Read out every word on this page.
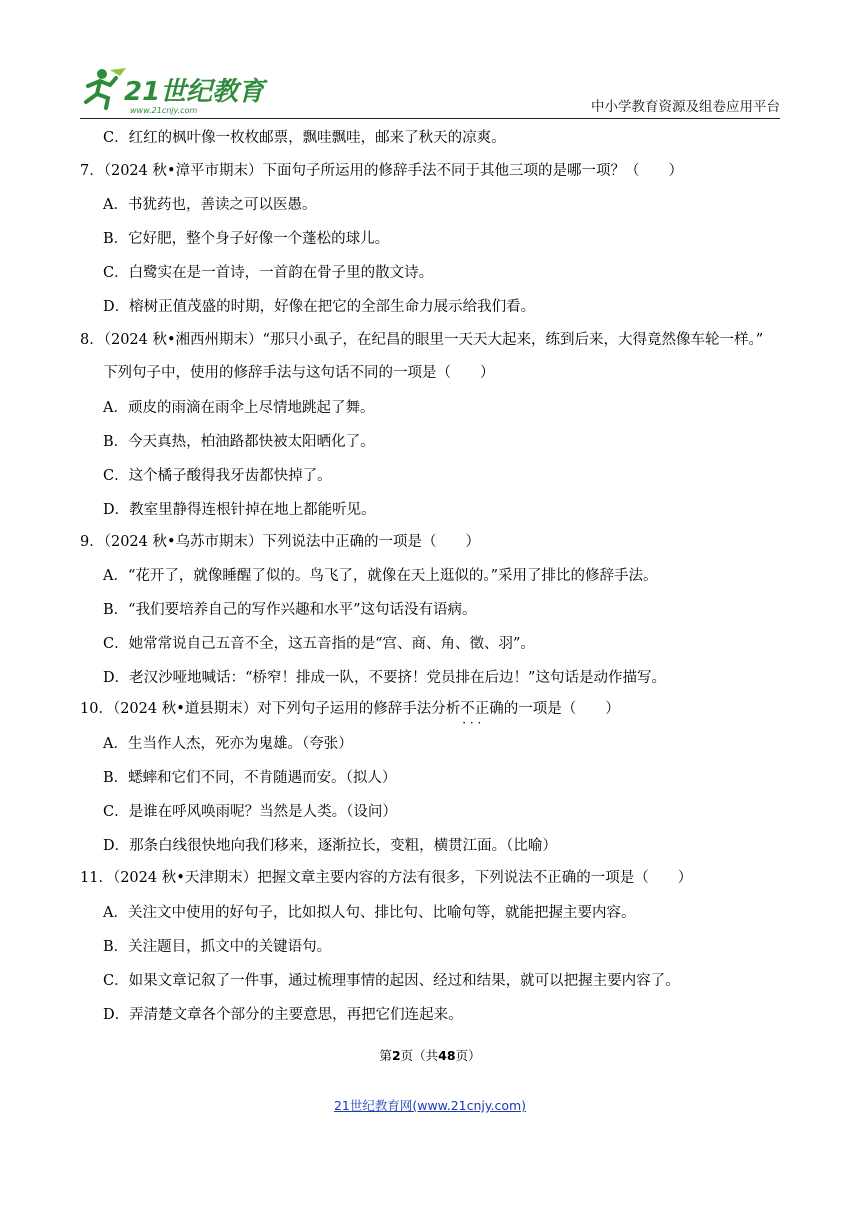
21世纪教育
www.21cnjy.com	中小学教育资源及组卷应用平台
C．红红的枫叶像一枚枚邮票，飘哇飘哇，邮来了秋天的凉爽。
7．（2024 秋•漳平市期末）下面句子所运用的修辞手法不同于其他三项的是哪一项？（　　）
A．书犹药也，善读之可以医愚。
B．它好肥，整个身子好像一个蓬松的球儿。
C．白鹭实在是一首诗，一首韵在骨子里的散文诗。
D．榕树正值茂盛的时期，好像在把它的全部生命力展示给我们看。
8．（2024 秋•湘西州期末）“那只小虱子，在纪昌的眼里一天天大起来，练到后来，大得竟然像车轮一样。”
下列句子中，使用的修辞手法与这句话不同的一项是（　　）
A．顽皮的雨滴在雨伞上尽情地跳起了舞。
B．今天真热，柏油路都快被太阳晒化了。
C．这个橘子酸得我牙齿都快掉了。
D．教室里静得连根针掉在地上都能听见。
9．（2024 秋•乌苏市期末）下列说法中正确的一项是（　　）
A．“花开了，就像睡醒了似的。鸟飞了，就像在天上逛似的。”采用了排比的修辞手法。
B．“我们要培养自己的写作兴趣和水平”这句话没有语病。
C．她常常说自己五音不全，这五音指的是“宫、商、角、徵、羽”。
D．老汉沙哑地喊话：“桥窄！排成一队，不要挤！党员排在后边！”这句话是动作描写。
10．（2024 秋•道县期末）对下列句子运用的修辞手法分析不正确 · · ·的一项是（　　）
A．生当作人杰，死亦为鬼雄。（夸张）
B．蟋蟀和它们不同，不肯随遇而安。（拟人）
C．是谁在呼风唤雨呢？当然是人类。（设问）
D．那条白线很快地向我们移来，逐渐拉长，变粗，横贯江面。（比喻）
11．（2024 秋•天津期末）把握文章主要内容的方法有很多，下列说法不正确的一项是（　　）
A．关注文中使用的好句子，比如拟人句、排比句、比喻句等，就能把握主要内容。
B．关注题目，抓文中的关键语句。
C．如果文章记叙了一件事，通过梳理事情的起因、经过和结果，就可以把握主要内容了。
D．弄清楚文章各个部分的主要意思，再把它们连起来。
第2页（共48页）
21世纪教育网(www.21cnjy.com)
